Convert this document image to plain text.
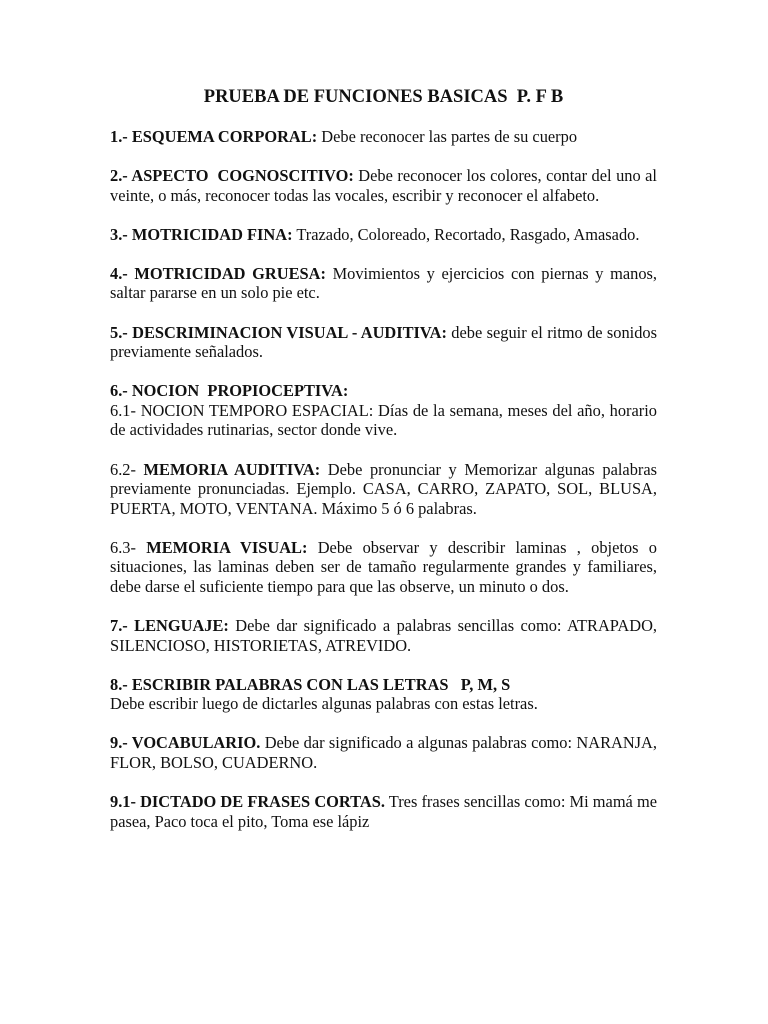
PRUEBA DE FUNCIONES BASICAS  P. F B
1.- ESQUEMA CORPORAL: Debe reconocer las partes de su cuerpo
2.- ASPECTO  COGNOSCITIVO: Debe reconocer los colores, contar del uno al veinte, o más, reconocer todas las vocales, escribir y reconocer el alfabeto.
3.- MOTRICIDAD FINA: Trazado, Coloreado, Recortado, Rasgado, Amasado.
4.- MOTRICIDAD GRUESA: Movimientos y ejercicios con piernas y manos, saltar pararse en un solo pie etc.
5.- DESCRIMINACION VISUAL - AUDITIVA: debe seguir el ritmo de sonidos previamente señalados.

6.- NOCION  PROPIOCEPTIVA:

6.1- NOCION TEMPORO ESPACIAL: Días de la semana, meses del año, horario de actividades rutinarias, sector donde vive.

6.2- MEMORIA AUDITIVA: Debe pronunciar y Memorizar algunas palabras previamente pronunciadas. Ejemplo. CASA, CARRO, ZAPATO, SOL, BLUSA, PUERTA, MOTO, VENTANA. Máximo 5 ó 6 palabras.
6.3- MEMORIA VISUAL: Debe observar y describir laminas , objetos o situaciones, las laminas deben ser de tamaño regularmente grandes y familiares, debe darse el suficiente tiempo para que las observe, un minuto o dos.
7.- LENGUAJE: Debe dar significado a palabras sencillas como: ATRAPADO, SILENCIOSO, HISTORIETAS, ATREVIDO.

8.- ESCRIBIR PALABRAS CON LAS LETRAS   P, M, S

Debe escribir luego de dictarles algunas palabras con estas letras.

9.- VOCABULARIO. Debe dar significado a algunas palabras como: NARANJA, FLOR, BOLSO, CUADERNO.
9.1- DICTADO DE FRASES CORTAS. Tres frases sencillas como: Mi mamá me pasea, Paco toca el pito, Toma ese lápiz
